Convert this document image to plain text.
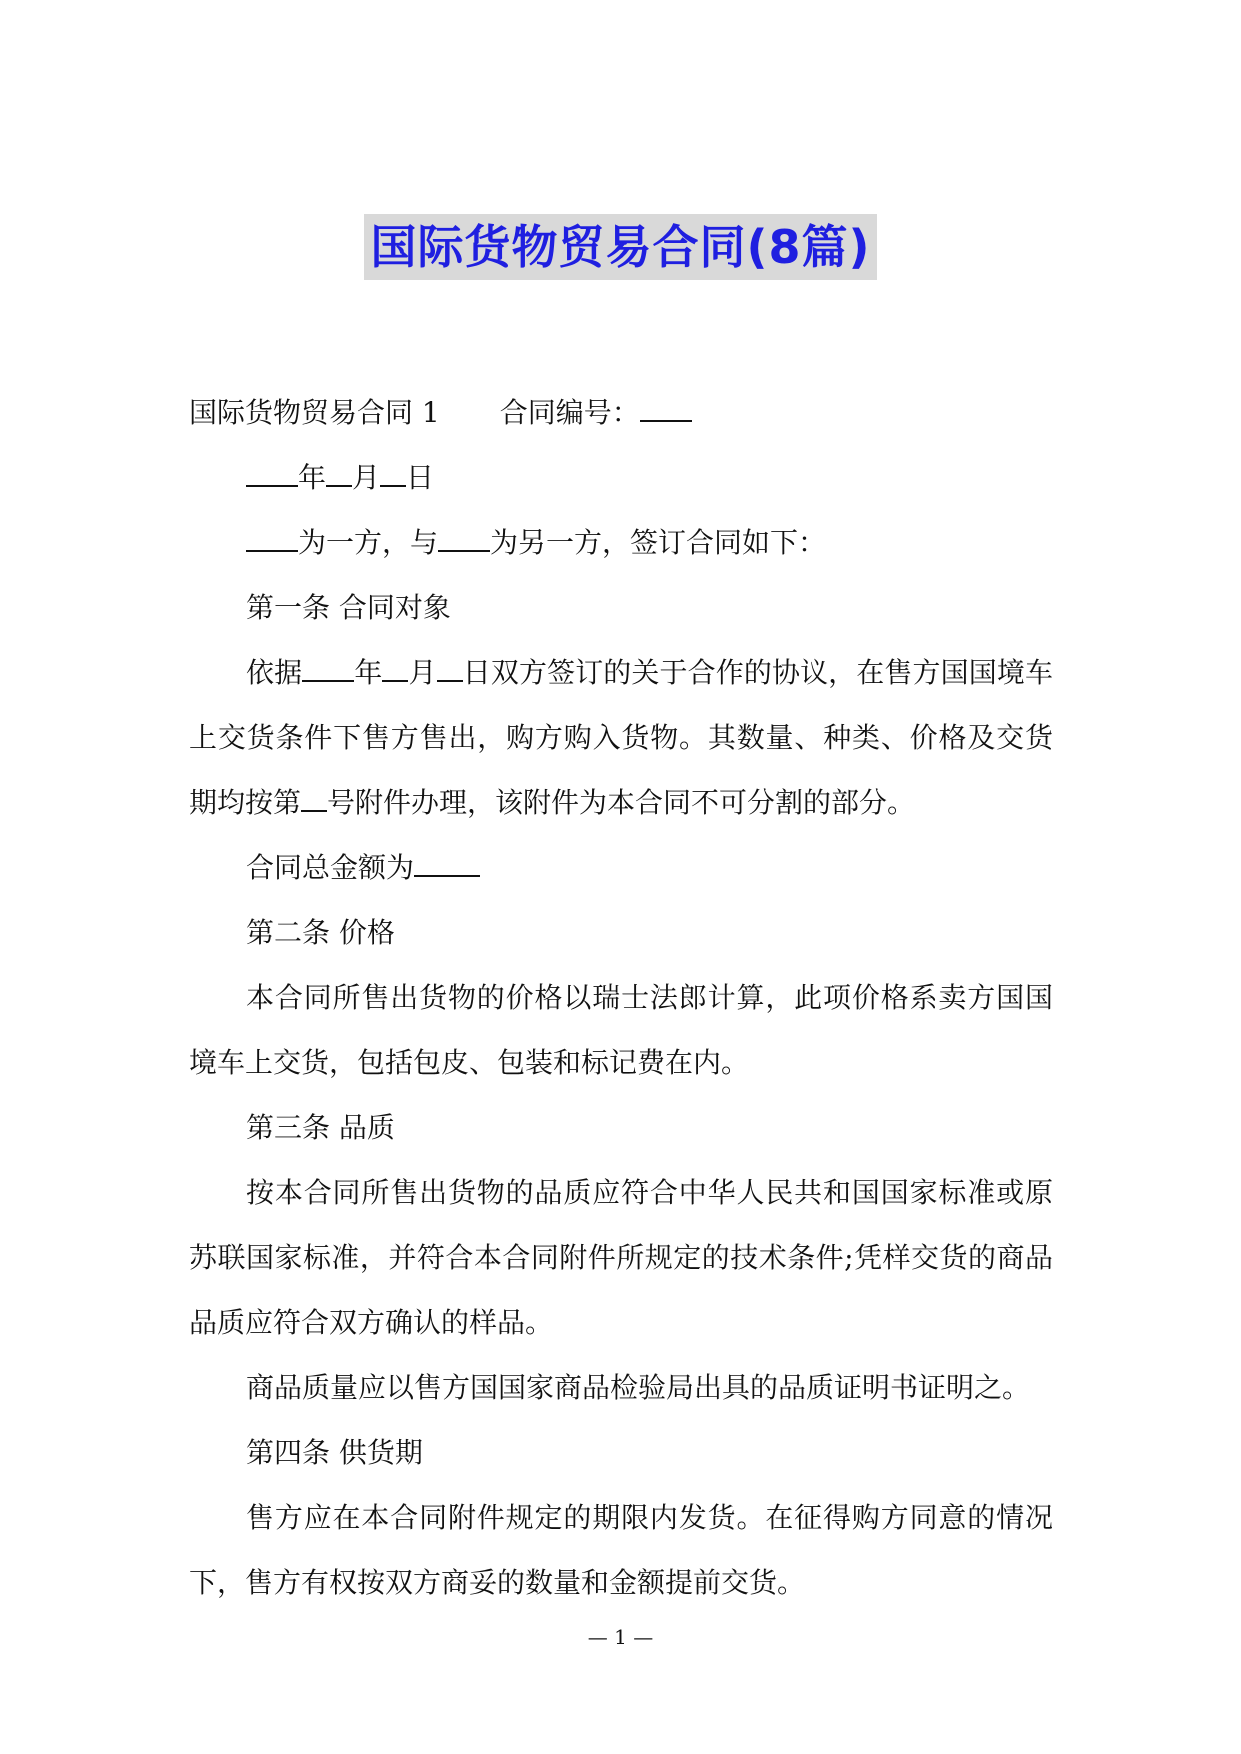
国际货物贸易合同(8篇)

国际货物贸易合同 1 合同编号：

年 月 日

为一方，与 为另一方，签订合同如下：

第一条 合同对象

依据 年 月 日双方签订的关于合作的协议，在售方国国境车上交货条件下售方售出，购方购入货物。其数量、种类、价格及交货期均按第 号附件办理，该附件为本合同不可分割的部分。

合同总金额为

第二条 价格

本合同所售出货物的价格以瑞士法郎计算，此项价格系卖方国国境车上交货，包括包皮、包装和标记费在内。

第三条 品质

按本合同所售出货物的品质应符合中华人民共和国国家标准或原苏联国家标准，并符合本合同附件所规定的技术条件;凭样交货的商品品质应符合双方确认的样品。

商品质量应以售方国国家商品检验局出具的品质证明书证明之。

第四条 供货期

售方应在本合同附件规定的期限内发货。在征得购方同意的情况下，售方有权按双方商妥的数量和金额提前交货。

— 1 —
